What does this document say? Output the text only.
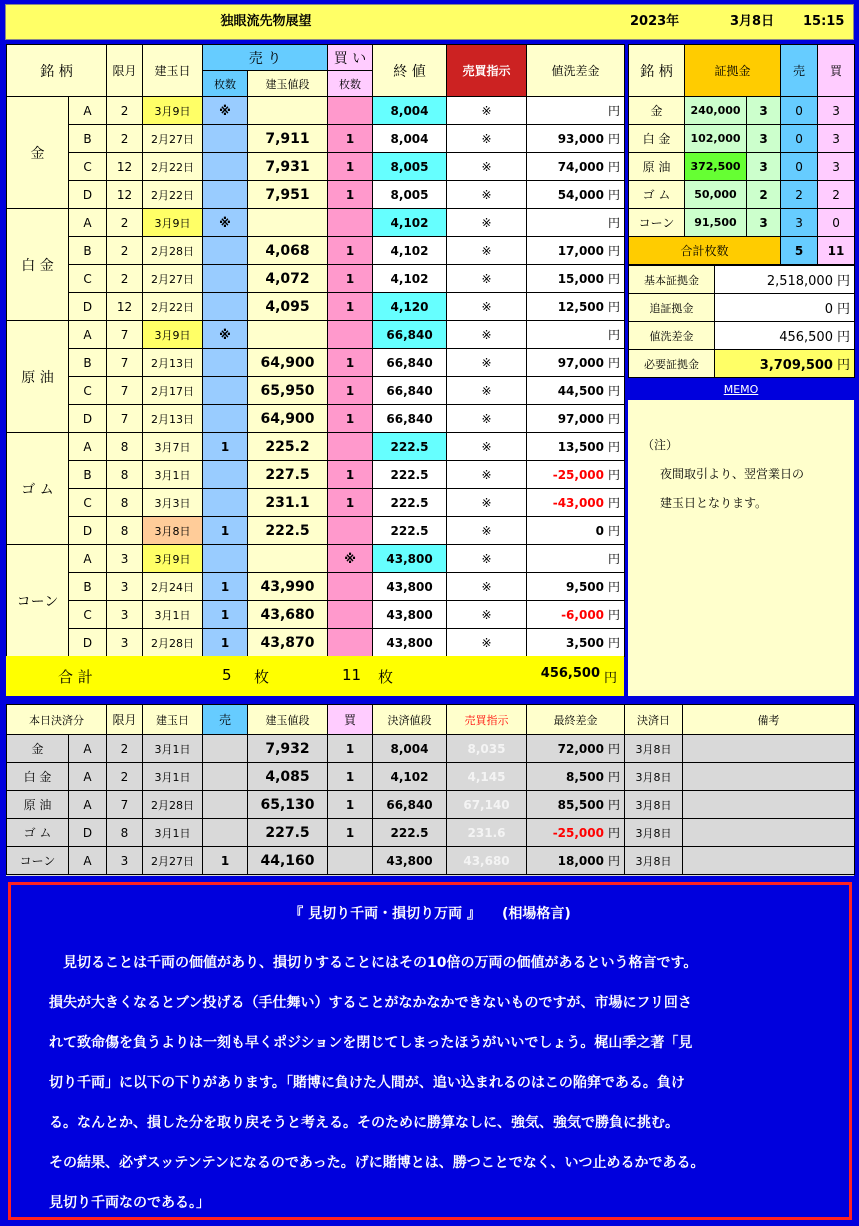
独眼流先物展望	2023年	3月8日 15:15
銘 柄		限月	建玉日	売 り		買 い	終 値	売買指示	値洗差金
				枚数	建玉値段	枚数			
金	A	2	3月9日	※			8,004	※	円
	B	2	2月27日		7,911	1	8,004	※	93,000 円
	C	12	2月22日		7,931	1	8,005	※	74,000 円
	D	12	2月22日		7,951	1	8,005	※	54,000 円
白 金	A	2	3月9日	※			4,102	※	円
	B	2	2月28日		4,068	1	4,102	※	17,000 円
	C	2	2月27日		4,072	1	4,102	※	15,000 円
	D	12	2月22日		4,095	1	4,120	※	12,500 円
原 油	A	7	3月9日	※			66,840	※	円
	B	7	2月13日		64,900	1	66,840	※	97,000 円
	C	7	2月17日		65,950	1	66,840	※	44,500 円
	D	7	2月13日		64,900	1	66,840	※	97,000 円
ゴ ム	A	8	3月7日	1	225.2		222.5	※	13,500 円
	B	8	3月1日		227.5	1	222.5	※	-25,000 円
	C	8	3月3日		231.1	1	222.5	※	-43,000 円
	D	8	3月8日	1	222.5		222.5	※	0 円
コーン	A	3	3月9日			※	43,800	※	円
	B	3	2月24日	1	43,990		43,800	※	9,500 円
	C	3	3月1日	1	43,680		43,800	※	-6,000 円
	D	3	2月28日	1	43,870		43,800	※	3,500 円
合 計	5 枚	11 枚	456,500 円
銘 柄	証拠金		売	買
金	240,000	3	0	3
白 金	102,000	3	0	3
原 油	372,500	3	0	3
ゴ ム	50,000	2	2	2
コーン	91,500	3	3	0
合計枚数			5	11
基本証拠金	2,518,000 円
追証拠金	0 円
値洗差金	456,500 円
必要証拠金	3,709,500 円
MEMO
（注）
夜間取引より、翌営業日の
建玉日となります。
本日決済分		限月	建玉日	売	建玉値段	買	決済値段	売買指示	最終差金	決済日	備考
金	A	2	3月1日		7,932	1	8,004	8,035	72,000 円	3月8日	
白 金	A	2	3月1日		4,085	1	4,102	4,145	8,500 円	3月8日	
原 油	A	7	2月28日		65,130	1	66,840	67,140	85,500 円	3月8日	
ゴ ム	D	8	3月1日		227.5	1	222.5	231.6	-25,000 円	3月8日	
コーン	A	3	2月27日	1	44,160		43,800	43,680	18,000 円	3月8日	
『 見切り千両・損切り万両 』　　(相場格言)
　見切ることは千両の価値があり、損切りすることにはその10倍の万両の価値があるという格言です。
損失が大きくなるとブン投げる（手仕舞い）することがなかなかできないものですが、市場にフリ回さ
れて致命傷を負うよりは一刻も早くポジションを閉じてしまったほうがいいでしょう。梶山季之著「見
切り千両」に以下の下りがあります。「賭博に負けた人間が、追い込まれるのはこの陥穽である。負け
る。なんとか、損した分を取り戻そうと考える。そのために勝算なしに、強気、強気で勝負に挑む。
その結果、必ずスッテンテンになるのであった。げに賭博とは、勝つことでなく、いつ止めるかである。
見切り千両なのである。」
